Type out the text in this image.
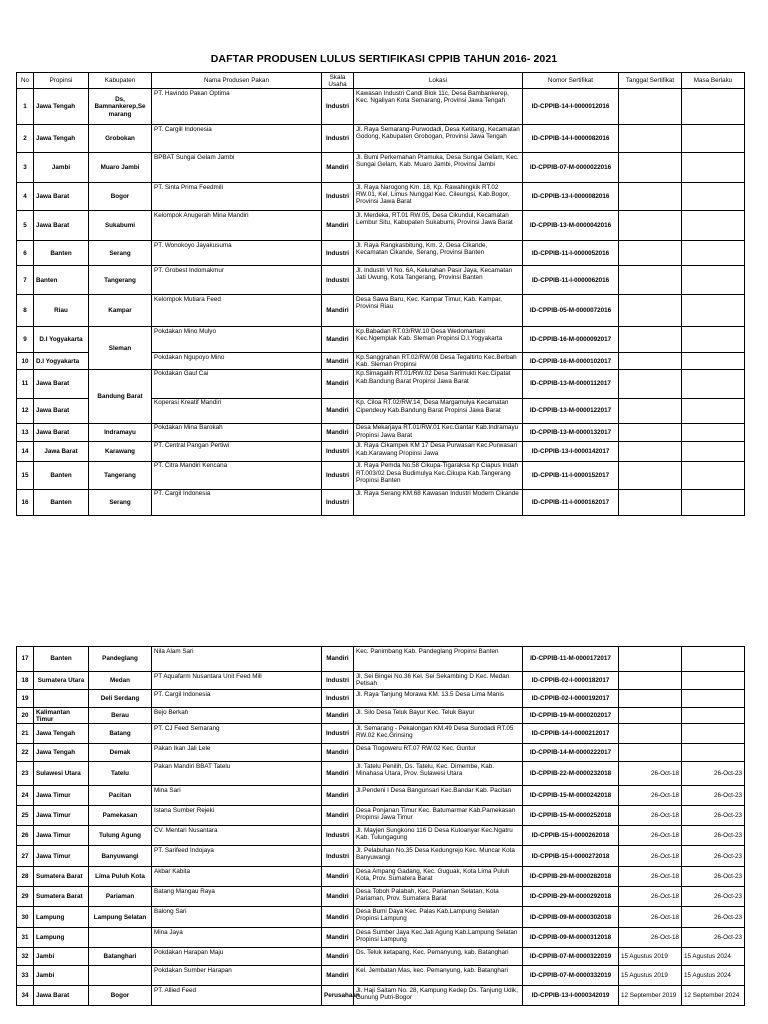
DAFTAR PRODUSEN LULUS SERTIFIKASI CPPIB TAHUN 2016- 2021
No	Propinsi	Kabupaten	Nama Produsen Pakan	Skala Usaha	Lokasi	Nomor Sertifikat	Tanggal Sertifikat	Masa Berlaku
1	Jawa Tengah	Ds, Bamnankerep,Se marang	PT. Havindo Pakan Optima	Industri	Kawasan Industri Candi Blok 11c, Desa Bambankerep, Kec. Ngaliyan Kota Semarang, Provinsi Jawa Tengah	ID-CPPIB-14-I-0000012016		
2	Jawa Tengah	Grobokan	PT. Cargill Indonesia	Industri	Jl. Raya Semarang-Purwodadi, Desa Ketitang, Kecamatan Godong, Kabupaten Grobogan, Provinsi Jawa Tengah	ID-CPPIB-14-I-0000082016		
3	Jambi	Muaro Jambi	BPBAT Sungai Gelam Jambi	Mandiri	Jl. Bumi Perkemahan Pramuka, Desa Sungai Gelam, Kec. Sungai Gelam, Kab. Muaro Jambi, Provinsi Jambi	ID-CPPIB-07-M-0000022016		
4	Jawa Barat	Bogor	PT. Sinta Prima Feedmill	Industri	Jl. Raya Narogong Km. 18, Kp. Rawahingkik RT.02 RW.01, Kel. Limus Nunggal Kec. Cileungsi, Kab.Bogor, Provinsi Jawa Barat	ID-CPPIB-13-I-0000082016		
5	Jawa Barat	Sukabumi	Kelompok Anugerah Mina Mandiri	Mandiri	Jl. Merdeka, RT.01 RW.05, Desa Cikundul, Kecamatan Lembur Situ, Kabupaten Sukabumi, Provinsi Jawa Barat	ID-CPPIB-13-M-0000042016		
6	Banten	Serang	PT. Wonokoyo Jayakusuma	Industri	Jl. Raya Rangkasbitung, Km. 2, Desa Cikande, Kecamatan Cikande, Serang, Provinsi Banten	ID-CPPIB-11-I-0000052016		
7	Banten	Tangerang	PT. Grobest Indomakmur	Industri	Jl. Industri VI No. 6A, Kelurahan Pasir Jaya, Kecamatan Jati Uwung, Kota Tangerang, Provinsi Banten	ID-CPPIB-11-I-0000062016		
8	Riau	Kampar	Kelompok Mutiara Feed	Mandiri	Desa Sawa Baru, Kec. Kampar Timur, Kab. Kampar, Provinsi Riau	ID-CPPIB-05-M-0000072016		
9	D.I Yogyakarta	Sleman	Pokdakan Mino Mulyo	Mandiri	Kp.Babadan RT.03/RW.10 Desa Wedomartani Kec.Ngemplak Kab. Sleman Propinsi D.I.Yogyakarta	ID-CPPIB-16-M-0000092017		
10	D.I Yogyakarta		Pokdakan Ngupoyo Mino	Mandiri	Kp.Sanggrahan RT.02/RW.08 Desa Tegaltirto Kec.Berbah Kab. Sleman Propinsi	ID-CPPIB-16-M-0000102017		
11	Jawa Barat	Bandung Barat	Pokdakan Gaul Cai	Mandiri	Kp.Simagalih RT.01/RW.02 Desa Sarimukti Kec.Cipatat Kab.Bandung Barat Propinsi Jawa Barat	ID-CPPIB-13-M-0000112017		
12	Jawa Barat		Koperasi Kreatif Mandiri	Mandiri	Kp. Ciloa RT.02/RW.14, Desa Margamulya Kecamatan Cipendeuy Kab.Bandung Barat Propinsi Jawa Barat	ID-CPPIB-13-M-0000122017		
13	Jawa Barat	Indramayu	Pokdakan Mina Barokah	Mandiri	Desa Mekarjaya RT.01/RW.01 Kec.Gantar Kab.Indramayu Propinsi Jawa Barat	ID-CPPIB-13-M-0000132017		
14	Jawa Barat	Karawang	PT. Central Pangan Pertiwi	Industri	Jl. Raya Cikampek KM 17 Desa Purwasari Kec.Purwasari Kab.Karawang Propinsi Jawa	ID-CPPIB-13-I-0000142017		
15	Banten	Tangerang	PT. Citra Mandiri Kencana	Industri	Jl. Raya Pemda No.58 Cikupa-Tigaraksa Kp Ciapus Indah RT.003/02 Desa Budimulya Kec.Cikupa Kab.Tangerang Propinsi Banten	ID-CPPIB-11-I-0000152017		
16	Banten	Serang	PT. Cargil Indonesia	Industri	Jl. Raya Serang KM.68 Kawasan Industri Modern Cikande	ID-CPPIB-11-I-0000162017		
17	Banten	Pandeglang	Nila Alam Sari	Mandiri	Kec. Panimbang Kab. Pandeglang Propinsi Banten	ID-CPPIB-11-M-0000172017		
18	Sumatera Utara	Medan	PT Aquafarm Nusantara Unit Feed Mill	Industri	Jl. Sei Bingei No.36 Kel. Sei Sekambing D Kec. Medan Petisah	ID-CPPIB-02-I-0000182017		
19		Deli Serdang	PT. Cargil Indonesia	Industri	Jl. Raya Tanjung Morawa KM. 13.5 Desa Lima Manis	ID-CPPIB-02-I-0000192017		
20	Kalimantan Timur	Berau	Bejo Berkah	Mandiri	Jl. Silo Desa Teluk Bayur Kec. Teluk Bayur	ID-CPPIB-19-M-0000202017		
21	Jawa Tengah	Batang	PT. CJ Feed Semarang	Industri	Jl. Semarang - Pekalongan KM.49 Desa Surodadi RT.05 RW.02 Kec.Grinsing	ID-CPPIB-14-I-0000212017		
22	Jawa Tengah	Demak	Pakan Ikan Jali Lele	Mandiri	Desa Tlogoweru RT.07 RW.02 Kec. Guntur	ID-CPPIB-14-M-0000222017		
23	Sulawesi Utara	Tatelu	Pakan Mandiri BBAT Tatelu	Mandiri	Jl. Tatelu Penilih, Ds. Tatelu, Kec. Dimembe, Kab. Minahasa Utara, Prov. Sulawesi Utara	ID-CPPIB-22-M-0000232018	26-Oct-18	26-Oct-23
24	Jawa Timur	Pacitan	Mina Sari	Mandiri	Jl.Pendeni I Desa Bangunsari Kec.Bandar Kab. Pacitan	ID-CPPIB-15-M-0000242018	26-Oct-18	26-Oct-23
25	Jawa Timur	Pamekasan	Istana Sumber Rejeki	Mandiri	Desa Ponjanan Timur Kec. Batumarmar Kab.Pamekasan Propinsi Jawa Timur	ID-CPPIB-15-M-0000252018	26-Oct-18	26-Oct-23
26	Jawa Timur	Tulung Agung	CV. Mentari Nusantara	Industri	Jl. Mayjen Sungkono 116 D Desa Kutoanyar Kec.Ngatru Kab. Tulungagung	ID-CPPIB-15-I-0000262018	26-Oct-18	26-Oct-23
27	Jawa Timur	Banyuwangi	PT. Sarifeed Indojaya	Industri	Jl. Pelabuhan No.35 Desa Kedungrejo Kec. Muncar Kota Banyuwangi	ID-CPPIB-15-I-0000272018	26-Oct-18	26-Oct-23
28	Sumatera Barat	Lima Puluh Kota	Akbar Kabita	Mandiri	Desa Ampang Gadang, Kec. Guguak, Kota Lima Puluh Kota, Prov. Sumatera Barat	ID-CPPIB-29-M-0000282018	26-Oct-18	26-Oct-23
29	Sumatera Barat	Pariaman	Batang Mangau Raya	Mandiri	Desa Toboh Palabah, Kec. Pariaman Selatan, Kota Pariaman, Prov. Sumatera Barat	ID-CPPIB-29-M-0000292018	26-Oct-18	26-Oct-23
30	Lampung	Lampung Selatan	Balong Sari	Mandiri	Desa Bumi Daya Kec. Palas Kab.Lampung Selatan Propinsi Lampung	ID-CPPIB-09-M-0000302018	26-Oct-18	26-Oct-23
31	Lampung		Mina Jaya	Mandiri	Desa Sumber Jaya Kec.Jati Agung Kab.Lampung Selatan Propinsi Lampung	ID-CPPIB-09-M-0000312018	26-Oct-18	26-Oct-23
32	Jambi	Batanghari	Pokdakan Harapan Maju	Mandiri	Ds. Teluk ketapang, Kec. Pemanyung, kab. Batanghari	ID-CPPIB-07-M-0000322019	15 Agustus 2019	15 Agustus 2024
33	Jambi		Pokdakan Sumber Harapan	Mandiri	Kel. Jembatan Mas, kec. Pemanyung, kab. Batanghari	ID-CPPIB-07-M-0000332019	15 Agustus 2019	15 Agustus 2024
34	Jawa Barat	Bogor	PT. Allied Feed	Perusahaan	Jl. Haji Saitam No. 28, Kampung Kedep Ds. Tanjung Udik, Gunung Putri-Bogor	ID-CPPIB-13-I-0000342019	12 September 2019	12 September 2024
